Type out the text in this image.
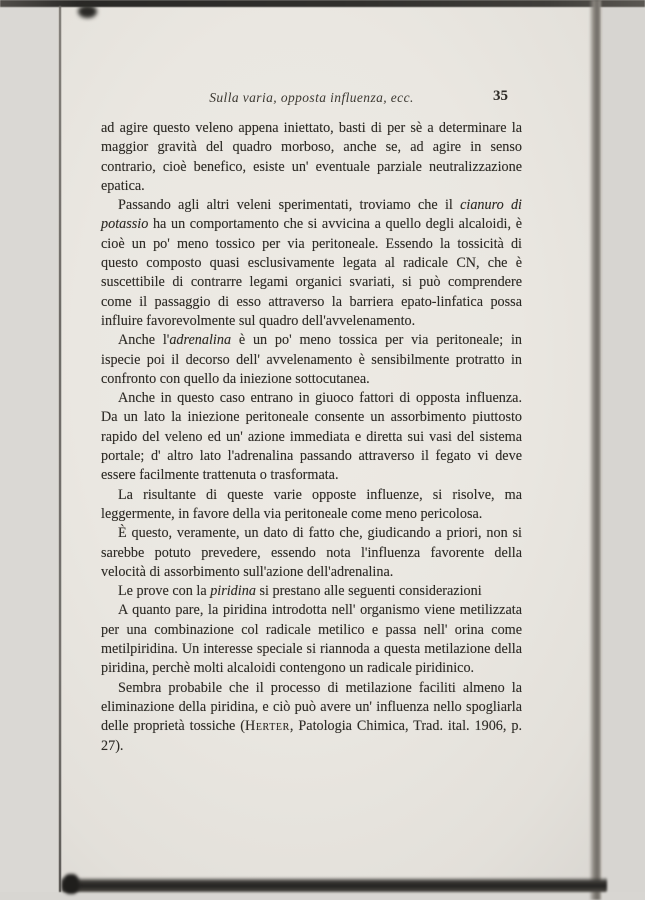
Sulla varia, opposta influenza, ecc.	35

ad agire questo veleno appena iniettato, basti di per sè a determinare la maggior gravità del quadro morboso, anche se, ad agire in senso contrario, cioè benefico, esiste un' eventuale parziale neutralizzazione epatica.

Passando agli altri veleni sperimentati, troviamo che il cianuro di potassio ha un comportamento che si avvicina a quello degli alcaloidi, è cioè un po' meno tossico per via peritoneale. Essendo la tossicità di questo composto quasi esclusivamente legata al radicale CN, che è suscettibile di contrarre legami organici svariati, si può comprendere come il passaggio di esso attraverso la barriera epato-linfatica possa influire favorevolmente sul quadro dell'avvelenamento.

Anche l'adrenalina è un po' meno tossica per via peritoneale; in ispecie poi il decorso dell' avvelenamento è sensibilmente protratto in confronto con quello da iniezione sottocutanea.

Anche in questo caso entrano in giuoco fattori di opposta influenza. Da un lato la iniezione peritoneale consente un assorbimento piuttosto rapido del veleno ed un' azione immediata e diretta sui vasi del sistema portale; d' altro lato l'adrenalina passando attraverso il fegato vi deve essere facilmente trattenuta o trasformata.

La risultante di queste varie opposte influenze, si risolve, ma leggermente, in favore della via peritoneale come meno pericolosa.

È questo, veramente, un dato di fatto che, giudicando a priori, non si sarebbe potuto prevedere, essendo nota l'influenza favorente della velocità di assorbimento sull'azione dell'adrenalina.

Le prove con la piridina si prestano alle seguenti considerazioni

A quanto pare, la piridina introdotta nell' organismo viene metilizzata per una combinazione col radicale metilico e passa nell' orina come metilpiridina. Un interesse speciale si riannoda a questa metilazione della piridina, perchè molti alcaloidi contengono un radicale piridinico.

Sembra probabile che il processo di metilazione faciliti almeno la eliminazione della piridina, e ciò può avere un' influenza nello spogliarla delle proprietà tossiche (Herter, Patologia Chimica, Trad. ital. 1906, p. 27).
